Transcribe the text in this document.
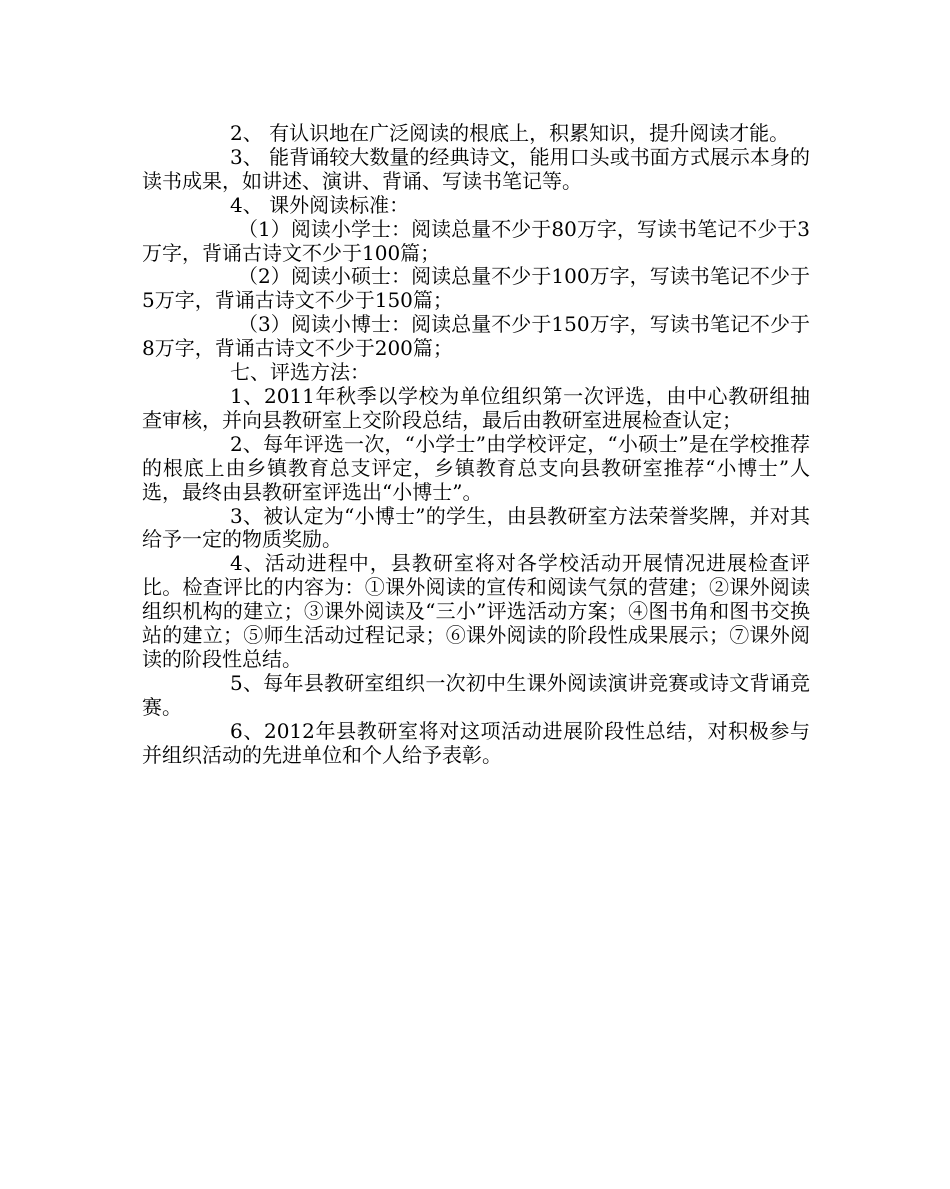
2、 有认识地在广泛阅读的根底上，积累知识，提升阅读才能。

3、 能背诵较大数量的经典诗文，能用口头或书面方式展示本身的读书成果，如讲述、演讲、背诵、写读书笔记等。

4、 课外阅读标准：

（1）阅读小学士：阅读总量不少于80万字，写读书笔记不少于3万字，背诵古诗文不少于100篇；

（2）阅读小硕士：阅读总量不少于100万字，写读书笔记不少于5万字，背诵古诗文不少于150篇；

（3）阅读小博士：阅读总量不少于150万字，写读书笔记不少于8万字，背诵古诗文不少于200篇；

七、评选方法：

1、2011年秋季以学校为单位组织第一次评选，由中心教研组抽查审核，并向县教研室上交阶段总结，最后由教研室进展检查认定；

2、每年评选一次，“小学士”由学校评定，“小硕士”是在学校推荐的根底上由乡镇教育总支评定，乡镇教育总支向县教研室推荐“小博士”人选，最终由县教研室评选出“小博士”。

3、被认定为“小博士”的学生，由县教研室方法荣誉奖牌，并对其给予一定的物质奖励。

4、活动进程中，县教研室将对各学校活动开展情况进展检查评比。检查评比的内容为：①课外阅读的宣传和阅读气氛的营建；②课外阅读组织机构的建立；③课外阅读及“三小”评选活动方案；④图书角和图书交换站的建立；⑤师生活动过程记录；⑥课外阅读的阶段性成果展示；⑦课外阅读的阶段性总结。

5、每年县教研室组织一次初中生课外阅读演讲竞赛或诗文背诵竞赛。

6、2012年县教研室将对这项活动进展阶段性总结，对积极参与并组织活动的先进单位和个人给予表彰。
